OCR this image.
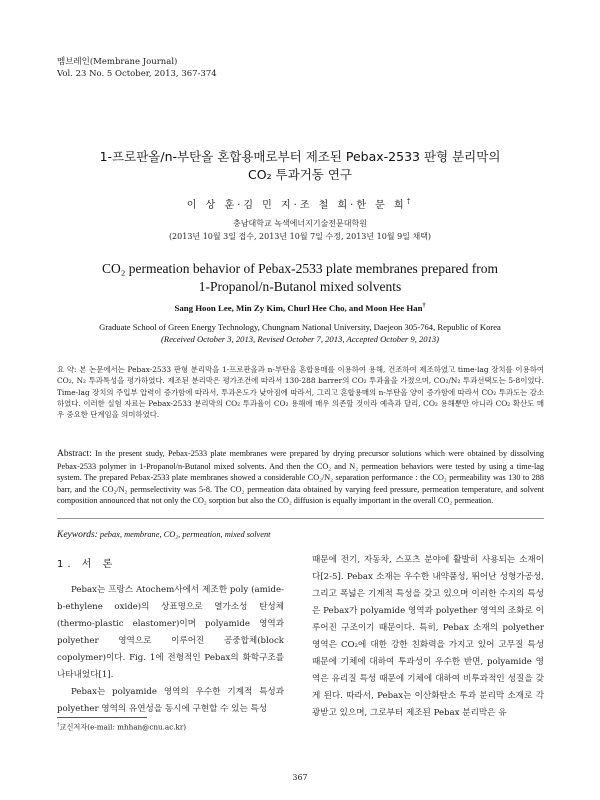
멤브레인(Membrane Journal)
Vol. 23 No. 5 October, 2013, 367-374
1-프로판올/n-부탄올 혼합용매로부터 제조된 Pebax-2533 판형 분리막의
CO₂ 투과거동 연구
이 상 훈·김 민 지·조 철 희·한 문 희†
충남대학교 녹색에너지기술전문대학원
(2013년 10월 3일 접수, 2013년 10월 7일 수정, 2013년 10월 9일 채택)
CO₂ permeation behavior of Pebax-2533 plate membranes prepared from
1-Propanol/n-Butanol mixed solvents
Sang Hoon Lee, Min Zy Kim, Churl Hee Cho, and Moon Hee Han†
Graduate School of Green Energy Technology, Chungnam National University, Daejeon 305-764, Republic of Korea
(Received October 3, 2013, Revised October 7, 2013, Accepted October 9, 2013)
요 약: 본 논문에서는 Pebax-2533 판형 분리막을 1-프로판올과 n-부탄올 혼합용매를 이용하여 용해, 건조하여 제조하였고 time-lag 장치를 이용하여 CO₂, N₂ 투과특성을 평가하였다. 제조된 분리막은 평가조건에 따라서 130-288 barrer의 CO₂ 투과율을 가졌으며, CO₂/N₂ 투과선택도는 5-8이었다. Time-lag 장치의 주입부 압력이 증가함에 따라서, 투과온도가 낮아짐에 따라서, 그리고 혼합용매의 n-부탄올 양이 증가함에 따라서 CO₂ 투과도는 감소하였다. 이러한 실험 자료는 Pebax-2533 분리막의 CO₂ 투과율이 CO₂ 용해에 매우 의존할 것이라 예측과 달리, CO₂ 용해뿐만 아니라 CO₂ 확산도 매우 중요한 단계임을 의미하였다.
Abstract: In the present study, Pebax-2533 plate membranes were prepared by drying precursor solutions which were obtained by dissolving Pebax-2533 polymer in 1-Propanol/n-Butanol mixed solvents. And then the CO₂ and N₂ permeation behaviors were tested by using a time-lag system. The prepared Pebax-2533 plate membranes showed a considerable CO₂/N₂ separation performance : the CO₂ permeability was 130 to 288 barr, and the CO₂/N₂ permselectivity was 5-8. The CO₂ permeation data obtained by varying feed pressure, permeation temperature, and solvent composition announced that not only the CO₂ sorption but also the CO₂ diffusion is equally important in the overall CO₂ permeation.
Keywords: pebax, membrane, CO₂, permeation, mixed solvent
1. 서 론

Pebax는 프랑스 Atochem사에서 제조한 poly (amide-b-ethylene oxide)의 상표명으로 열가소성 탄성체(thermo-plastic elastomer)이며 polyamide 영역과 polyether 영역으로 이루어진 공중합체(block copolymer)이다. Fig. 1에 전형적인 Pebax의 화학구조를 나타내었다[1].

Pebax는 polyamide 영역의 우수한 기계적 특성과 polyether 영역의 유연성을 동시에 구현할 수 있는 특성

때문에 전기, 자동차, 스포츠 분야에 활발히 사용되는 소재이다[2-5]. Pebax 소재는 우수한 내약품성, 뛰어난 성형가공성, 그리고 폭넓은 기계적 특성을 갖고 있으며 이러한 수지의 특성은 Pebax가 polyamide 영역과 polyether 영역의 조화로 이루어진 구조이기 때문이다. 특히, Pebax 소재의 polyether 영역은 CO₂에 대한 강한 친화력을 가지고 있어 고무질 특성 때문에 기체에 대하여 투과성이 우수한 반면, polyamide 영역은 유리질 특성 때문에 기체에 대하여 비투과적인 성질을 갖게 된다. 따라서, Pebax는 이산화탄소 투과 분리막 소재로 각광받고 있으며, 그로부터 제조된 Pebax 분리막은 유

†교신저자(e-mail: mhhan@cnu.ac.kr)
367
